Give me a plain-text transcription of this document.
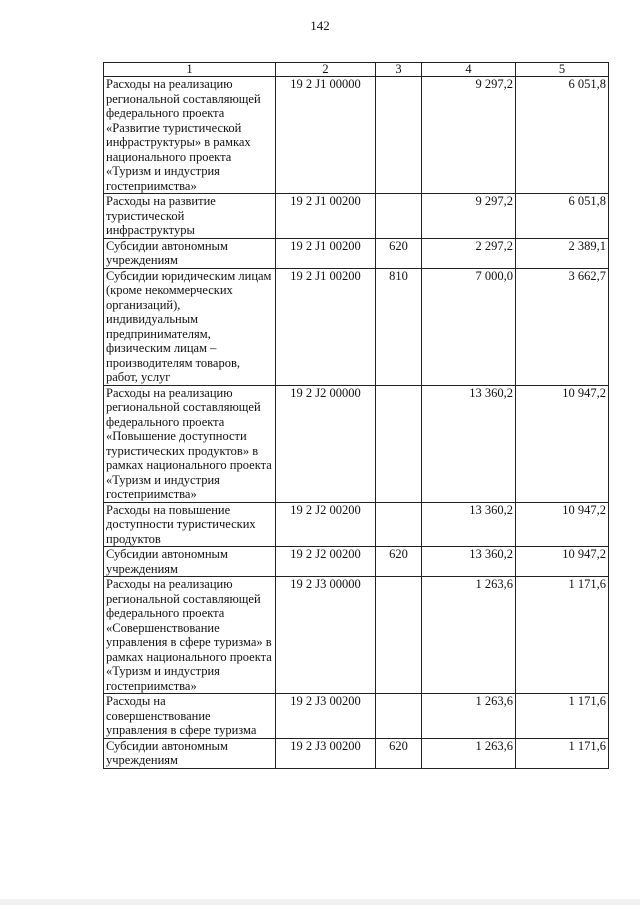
142
1	2	3	4	5
Расходы на реализацию региональной составляющей федерального проекта «Развитие туристической инфраструктуры» в рамках национального проекта «Туризм и индустрия гостеприимства»	19 2 J1 00000		9 297,2	6 051,8
Расходы на развитие туристической инфраструктуры	19 2 J1 00200		9 297,2	6 051,8
Субсидии автономным учреждениям	19 2 J1 00200	620	2 297,2	2 389,1
Субсидии юридическим лицам (кроме некоммерческих организаций), индивидуальным предпринимателям, физическим лицам – производителям товаров, работ, услуг	19 2 J1 00200	810	7 000,0	3 662,7
Расходы на реализацию региональной составляющей федерального проекта «Повышение доступности туристических продуктов» в рамках национального проекта «Туризм и индустрия гостеприимства»	19 2 J2 00000		13 360,2	10 947,2
Расходы на повышение доступности туристических продуктов	19 2 J2 00200		13 360,2	10 947,2
Субсидии автономным учреждениям	19 2 J2 00200	620	13 360,2	10 947,2
Расходы на реализацию региональной составляющей федерального проекта «Совершенствование управления в сфере туризма» в рамках национального проекта «Туризм и индустрия гостеприимства»	19 2 J3 00000		1 263,6	1 171,6
Расходы на совершенствование управления в сфере туризма	19 2 J3 00200		1 263,6	1 171,6
Субсидии автономным учреждениям	19 2 J3 00200	620	1 263,6	1 171,6
